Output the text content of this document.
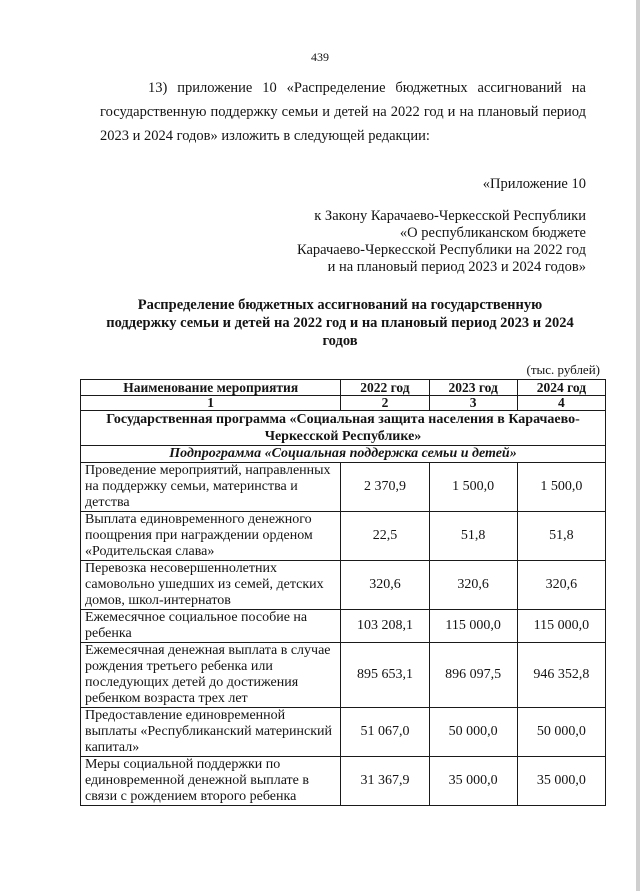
439
13) приложение 10 «Распределение бюджетных ассигнований на
государственную поддержку семьи и детей на 2022 год и на плановый период
2023 и 2024 годов» изложить в следующей редакции:
«Приложение 10
к Закону Карачаево-Черкесской Республики
«О республиканском бюджете
Карачаево-Черкесской Республики на 2022 год
и на плановый период 2023 и 2024 годов»
Распределение бюджетных ассигнований на государственную
поддержку семьи и детей на 2022 год и на плановый период 2023 и 2024
годов
(тыс. рублей)
Наименование мероприятия	2022 год	2023 год	2024 год
1	2	3	4
Государственная программа «Социальная защита населения в Карачаево-Черкесской Республике»			
Подпрограмма «Социальная поддержка семьи и детей»			
Проведение мероприятий, направленных на поддержку семьи, материнства и детства	2 370,9	1 500,0	1 500,0
Выплата единовременного денежного поощрения при награждении орденом «Родительская слава»	22,5	51,8	51,8
Перевозка несовершеннолетних самовольно ушедших из семей, детских домов, школ-интернатов	320,6	320,6	320,6
Ежемесячное социальное пособие на ребенка	103 208,1	115 000,0	115 000,0
Ежемесячная денежная выплата в случае рождения третьего ребенка или последующих детей до достижения ребенком возраста трех лет	895 653,1	896 097,5	946 352,8
Предоставление единовременной выплаты «Республиканский материнский капитал»	51 067,0	50 000,0	50 000,0
Меры социальной поддержки по единовременной денежной выплате в связи с рождением второго ребенка	31 367,9	35 000,0	35 000,0
